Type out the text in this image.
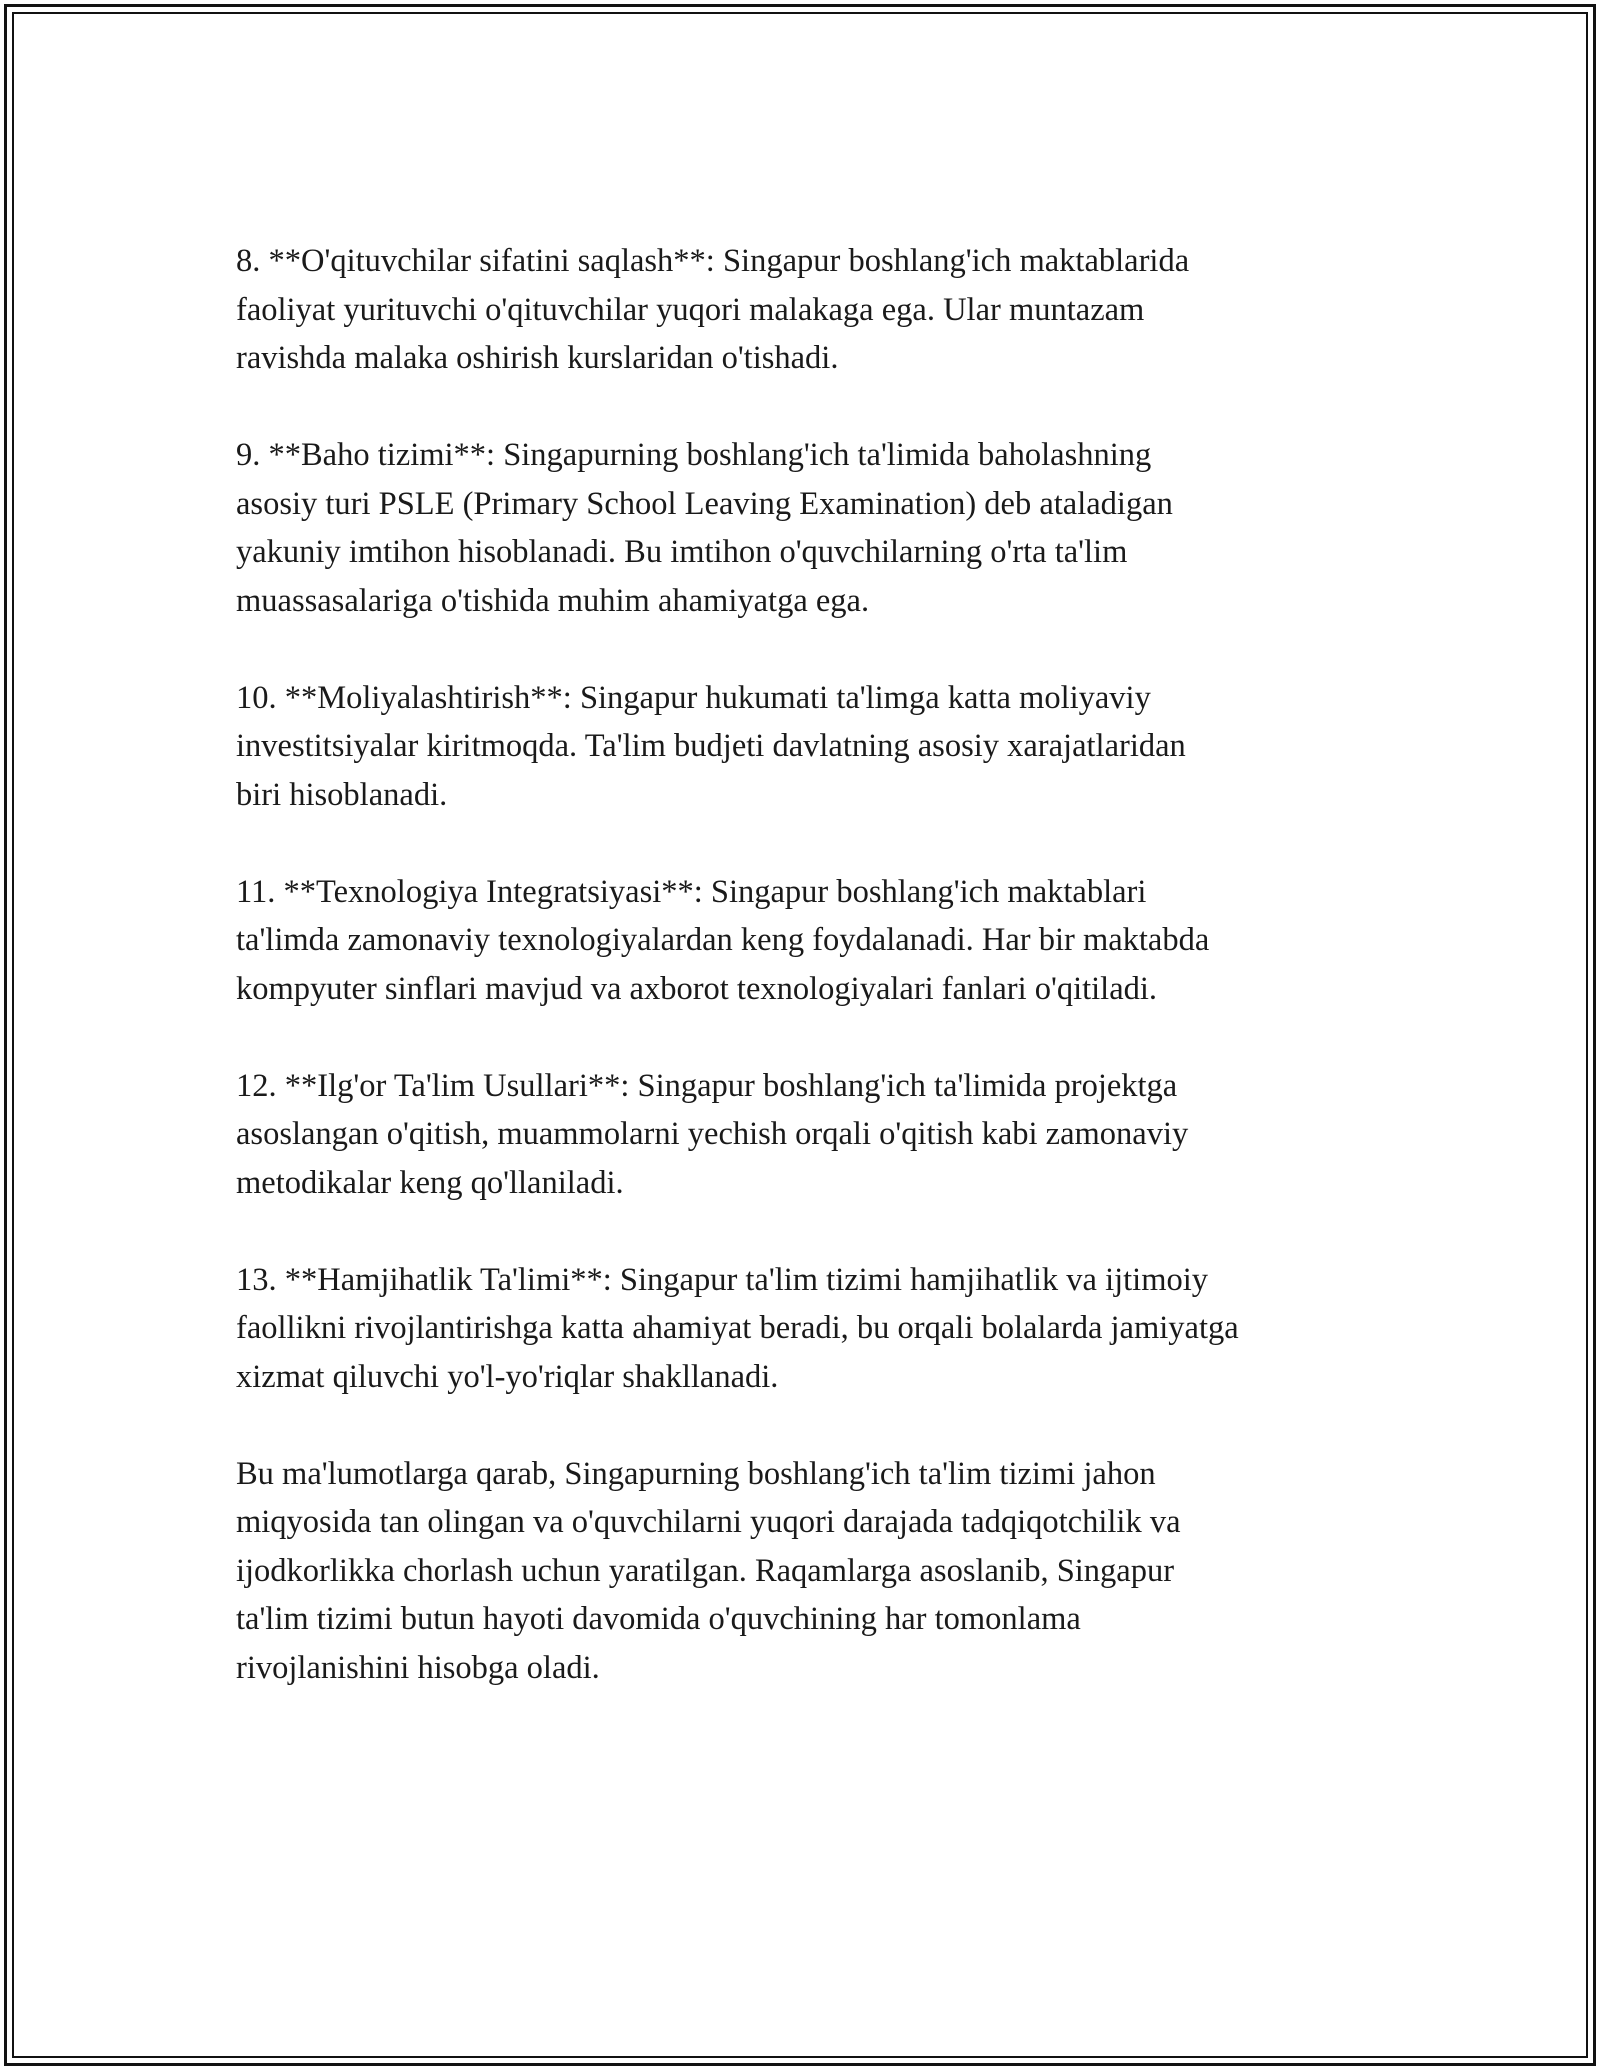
8. **O'qituvchilar sifatini saqlash**: Singapur boshlang'ich maktablarida
faoliyat yurituvchi o'qituvchilar yuqori malakaga ega. Ular muntazam
ravishda malaka oshirish kurslaridan o'tishadi.

9. **Baho tizimi**: Singapurning boshlang'ich ta'limida baholashning
asosiy turi PSLE (Primary School Leaving Examination) deb ataladigan
yakuniy imtihon hisoblanadi. Bu imtihon o'quvchilarning o'rta ta'lim
muassasalariga o'tishida muhim ahamiyatga ega.

10. **Moliyalashtirish**: Singapur hukumati ta'limga katta moliyaviy
investitsiyalar kiritmoqda. Ta'lim budjeti davlatning asosiy xarajatlaridan
biri hisoblanadi.

11. **Texnologiya Integratsiyasi**: Singapur boshlang'ich maktablari
ta'limda zamonaviy texnologiyalardan keng foydalanadi. Har bir maktabda
kompyuter sinflari mavjud va axborot texnologiyalari fanlari o'qitiladi.

12. **Ilg'or Ta'lim Usullari**: Singapur boshlang'ich ta'limida projektga
asoslangan o'qitish, muammolarni yechish orqali o'qitish kabi zamonaviy
metodikalar keng qo'llaniladi.

13. **Hamjihatlik Ta'limi**: Singapur ta'lim tizimi hamjihatlik va ijtimoiy
faollikni rivojlantirishga katta ahamiyat beradi, bu orqali bolalarda jamiyatga
xizmat qiluvchi yo'l-yo'riqlar shakllanadi.

Bu ma'lumotlarga qarab, Singapurning boshlang'ich ta'lim tizimi jahon
miqyosida tan olingan va o'quvchilarni yuqori darajada tadqiqotchilik va
ijodkorlikka chorlash uchun yaratilgan. Raqamlarga asoslanib, Singapur
ta'lim tizimi butun hayoti davomida o'quvchining har tomonlama
rivojlanishini hisobga oladi.
